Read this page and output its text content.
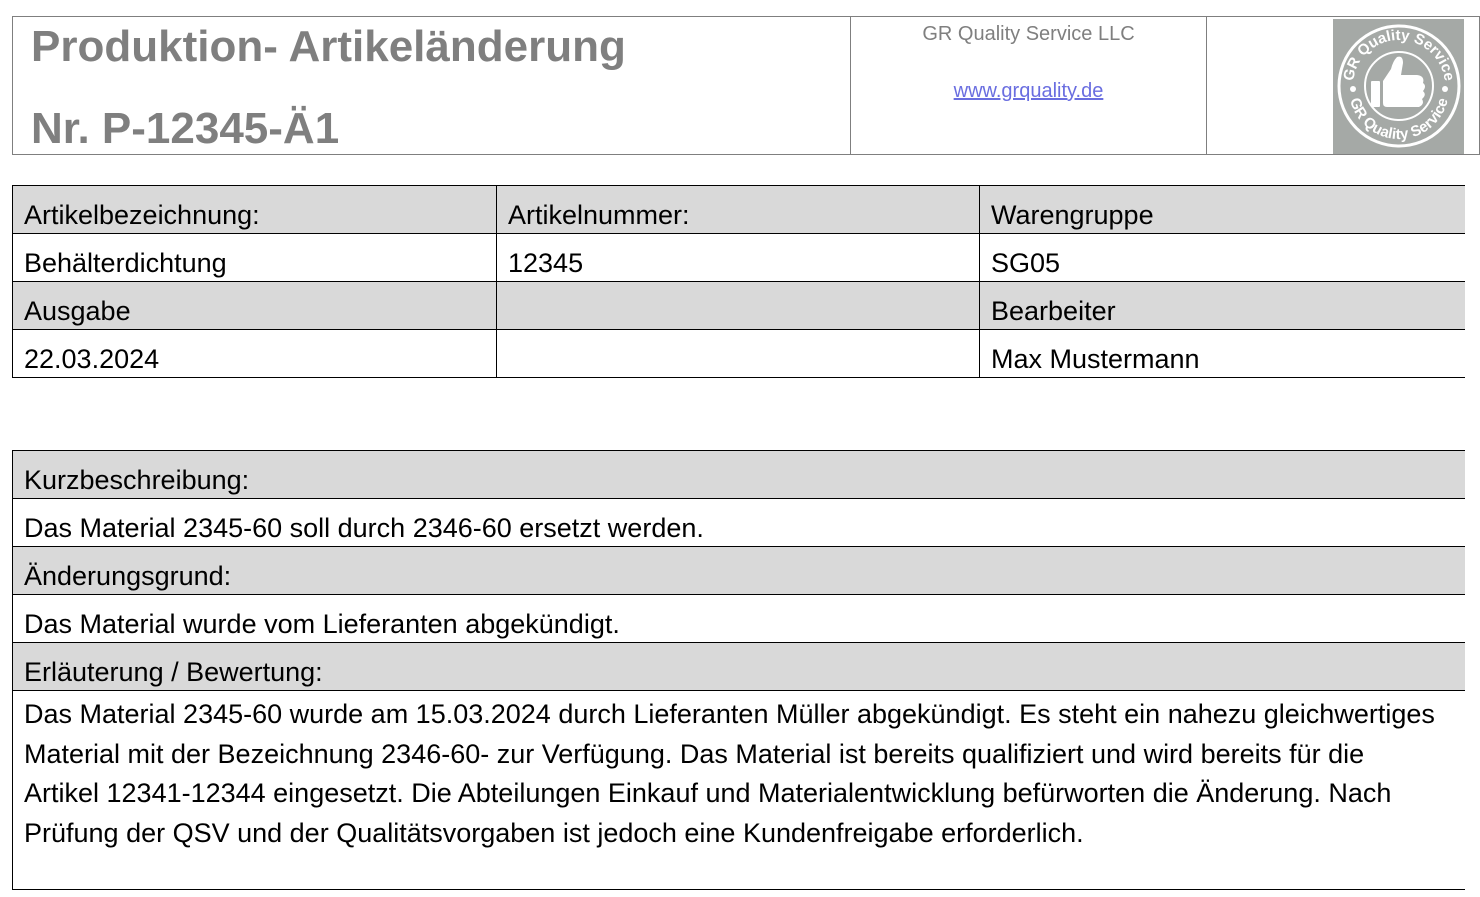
Produktion- Artikeländerung
Nr. P-12345-Ä1
GR Quality Service LLC
www.grquality.de
GR Quality Service
GR Quality Service
Artikelbezeichnung:	Artikelnummer:	Warengruppe
Behälterdichtung	12345	SG05
Ausgabe		Bearbeiter
22.03.2024		Max Mustermann
Kurzbeschreibung:
Das Material 2345-60 soll durch 2346-60 ersetzt werden.
Änderungsgrund:
Das Material wurde vom Lieferanten abgekündigt.
Erläuterung / Bewertung:
Das Material 2345-60 wurde am 15.03.2024 durch Lieferanten Müller abgekündigt. Es steht ein nahezu gleichwertiges Material mit der Bezeichnung 2346-60- zur Verfügung. Das Material ist bereits qualifiziert und wird bereits für die Artikel 12341-12344 eingesetzt. Die Abteilungen Einkauf und Materialentwicklung befürworten die Änderung. Nach Prüfung der QSV und der Qualitätsvorgaben ist jedoch eine Kundenfreigabe erforderlich.
